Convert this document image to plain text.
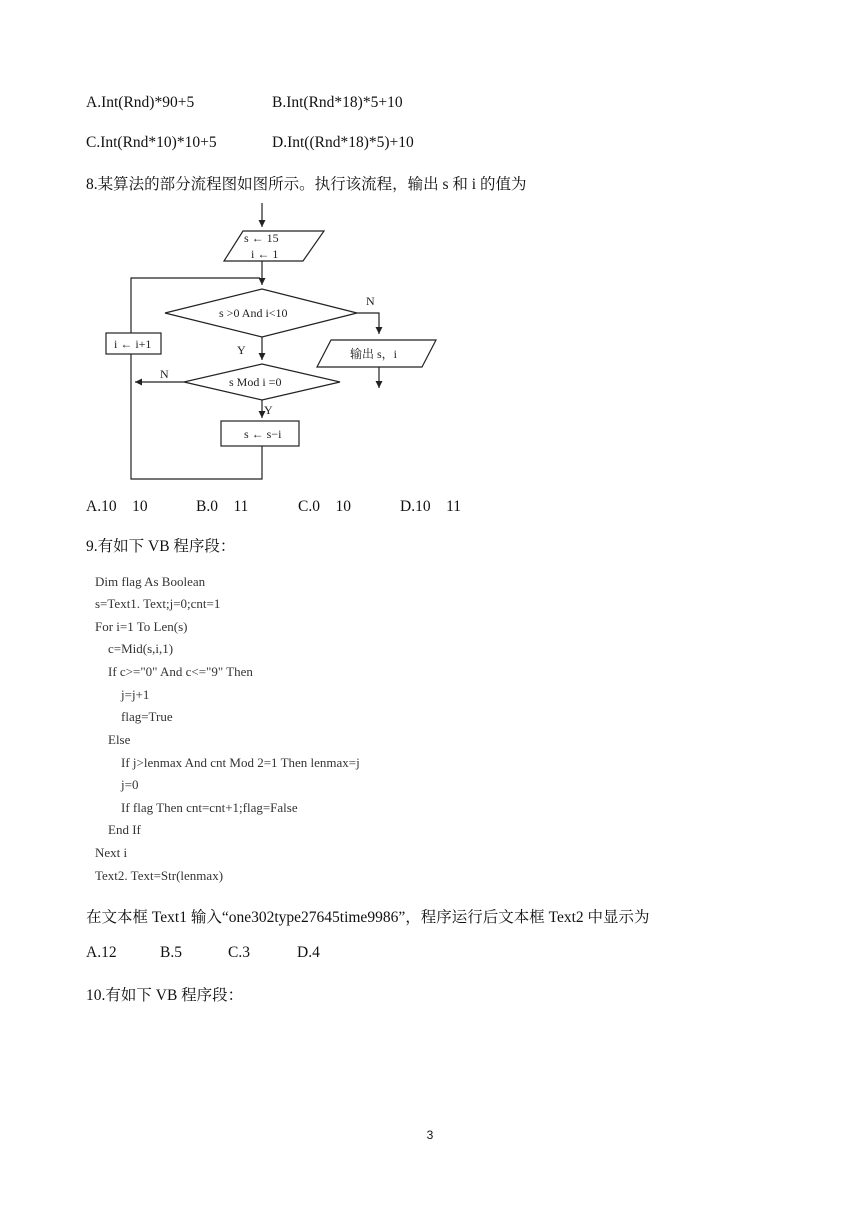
A.Int(Rnd)*90+5	B.Int(Rnd*18)*5+10
C.Int(Rnd*10)*10+5	D.Int((Rnd*18)*5)+10
8.某算法的部分流程图如图所示。执行该流程，输出 s 和 i 的值为
s ← 15
i ← 1
s >0 And i<10
N
Y	输出 s，i
i ← i+1
s Mod i =0
N
Y
s ← s−i
A.10　10	B.0　11	C.0　10	D.10　11
9.有如下 VB 程序段：
Dim flag As Boolean
s=Text1. Text;j=0;cnt=1
For i=1 To Len(s)
c=Mid(s,i,1)
If c>="0" And c<="9" Then
j=j+1
flag=True
Else
If j>lenmax And cnt Mod 2=1 Then lenmax=j
j=0
If flag Then cnt=cnt+1;flag=False
End If
Next i
Text2. Text=Str(lenmax)
在文本框 Text1 输入“one302type27645time9986”，程序运行后文本框 Text2 中显示为
A.12	B.5	C.3	D.4
10.有如下 VB 程序段：
3
